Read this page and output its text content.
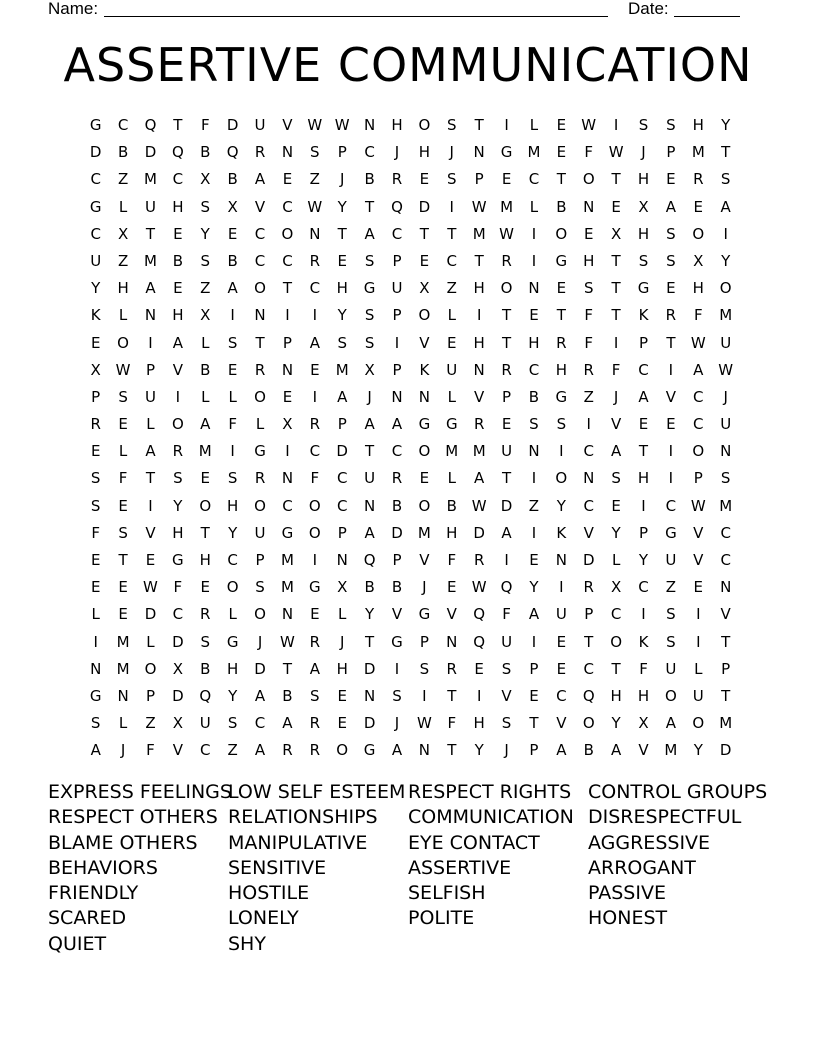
Name:	Date:
ASSERTIVE COMMUNICATION
G	C	Q	T	F	D	U	V W W N	H	O	S	T	I	L	E	W	I	S	S	H	Y
D	B	D	Q	B	Q	R	N	S	P	C	J	H	J	N	G	M	E	F	W	J	P	M	T
C	Z	M	C	X	B	A	E	Z	J	B	R	E	S	P	E	C	T	O	T	H	E	R	S
G	L	U	H	S	X	V	C W	Y	T	Q	D	I	W M	L	B	N	E	X	A	E	A
C	X	T	E	Y	E	C	O	N	T	A	C	T	T	M W	I	O	E	X	H	S	O	I
U	Z	M	B	S	B	C	C	R	E	S	P	E	C	T	R	I	G	H	T	S	S	X	Y
Y	H	A	E	Z	A	O	T	C	H	G	U	X	Z	H	O	N	E	S	T	G	E	H	O
K	L	N	H	X	I	N	I	I	Y	S	P	O	L	I	T	E	T	F	T	K	R	F	M
E	O	I	A	L	S	T	P	A	S	S	I	V	E	H	T	H	R	F	I	P	T	W U
X W	P	V	B	E	R	N	E	M	X	P	K	U	N	R	C	H	R	F	C	I	A W
P	S	U	I	L	L	O	E	I	A	J	N	N	L	V	P	B	G	Z	J	A	V	C	J
R	E	L	O	A	F	L	X	R	P	A	A	G	G	R	E	S	S	I	V	E	E	C	U
E	L	A	R	M	I	G	I	C	D	T	C	O	M M	U	N	I	C	A	T	I	O	N
S	F	T	S	E	S	R	N	F	C	U	R	E	L	A	T	I	O	N	S	H	I	P	S
S	E	I	Y	O	H	O	C	O	C	N	B	O	B W D	Z	Y	C	E	I	C W M
F	S	V	H	T	Y	U	G	O	P	A	D	M	H	D	A	I	K	V	Y	P	G	V	C
E	T	E	G	H	C	P	M	I	N	Q	P	V	F	R	I	E	N	D	L	Y	U	V	C
E	E	W	F	E	O	S	M	G	X	B	B	J	E	W Q	Y	I	R	X	C	Z	E	N
L	E	D	C	R	L	O	N	E	L	Y	V	G	V	Q	F	A	U	P	C	I	S	I	V
I	M	L	D	S	G	J	W R	J	T	G	P	N	Q	U	I	E	T	O	K	S	I	T
N	M	O	X	B	H	D	T	A	H	D	I	S	R	E	S	P	E	C	T	F	U	L	P
G	N	P	D	Q	Y	A	B	S	E	N	S	I	T	I	V	E	C	Q	H	H	O	U	T
S	L	Z	X	U	S	C	A	R	E	D	J	W	F	H	S	T	V	O	Y	X	A	O	M
A	J	F	V	C	Z	A	R	R	O	G	A	N	T	Y	J	P	A	B	A	V	M	Y	D
EXPRESS FEELINGS
RESPECT OTHERS
BLAME OTHERS
BEHAVIORS
FRIENDLY
SCARED
QUIET
LOW SELF ESTEEM
RELATIONSHIPS
MANIPULATIVE
SENSITIVE
HOSTILE
LONELY
SHY
RESPECT RIGHTS
COMMUNICATION
EYE CONTACT
ASSERTIVE
SELFISH
POLITE
CONTROL GROUPS
DISRESPECTFUL
AGGRESSIVE
ARROGANT
PASSIVE
HONEST
